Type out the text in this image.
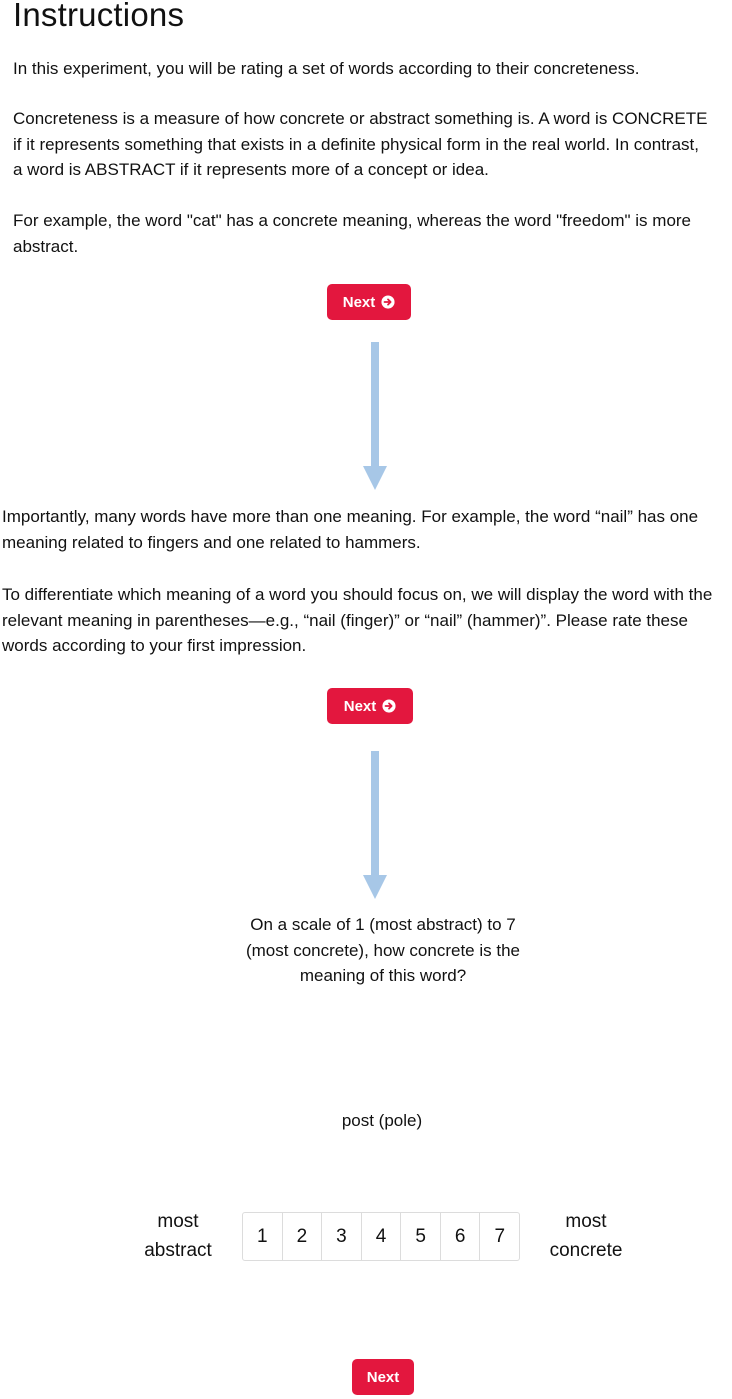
Instructions

In this experiment, you will be rating a set of words according to their concreteness.

Concreteness is a measure of how concrete or abstract something is. A word is CONCRETE if it represents something that exists in a definite physical form in the real world. In contrast, a word is ABSTRACT if it represents more of a concept or idea.

For example, the word "cat" has a concrete meaning, whereas the word "freedom" is more abstract.

Next

Importantly, many words have more than one meaning. For example, the word “nail” has one meaning related to fingers and one related to hammers.

To differentiate which meaning of a word you should focus on, we will display the word with the relevant meaning in parentheses—e.g., “nail (finger)” or “nail” (hammer)”. Please rate these words according to your first impression.

Next

On a scale of 1 (most abstract) to 7 (most concrete), how concrete is the meaning of this word?

post (pole)
most abstract
1	2	3	4	5	6	7
most concrete
Next
